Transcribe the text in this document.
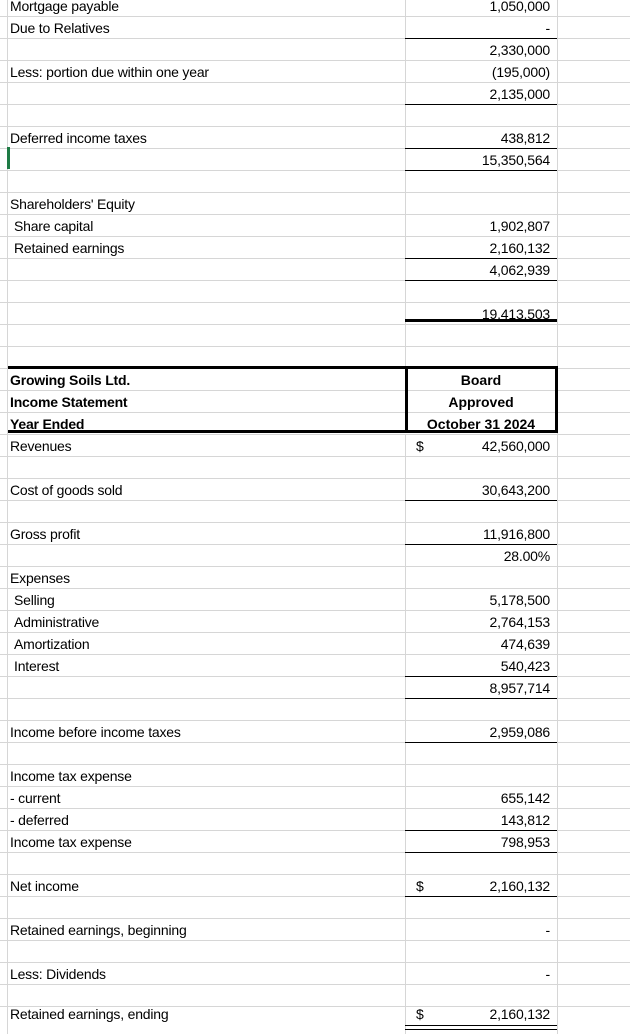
Mortgage payable	1,050,000
Due to Relatives	-
2,330,000
Less: portion due within one year	(195,000)
2,135,000
Deferred income taxes	438,812
15,350,564
Shareholders' Equity
Share capital	1,902,807
Retained earnings	2,160,132
4,062,939
19,413,503
Growing Soils Ltd.	Board
Income Statement	Approved
Year Ended	October 31 2024
Revenues	$	42,560,000
Cost of goods sold	30,643,200
Gross profit	11,916,800
28.00%
Expenses
Selling	5,178,500
Administrative	2,764,153
Amortization	474,639
Interest	540,423
8,957,714
Income before income taxes	2,959,086
Income tax expense
- current	655,142
- deferred	143,812
Income tax expense	798,953
Net income	$	2,160,132
Retained earnings, beginning	-
Less: Dividends	-
Retained earnings, ending	$	2,160,132
